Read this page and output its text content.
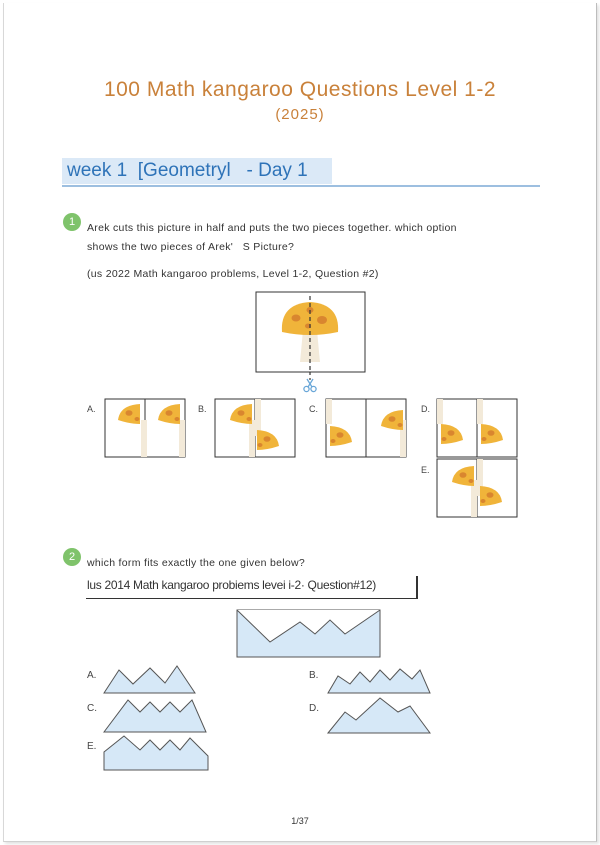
100 Math kangaroo Questions Level 1-2
(2025)
week 1  [Geometryl   - Day 1
1	Arek cuts this picture in half and puts the two pieces together. which option
shows the two pieces of Arek'   S Picture?
(us 2022 Math kangaroo problems, Level 1-2, Question #2)
A.	B.	C.	D.
E.
2	which form fits exactly the one given below?
lus 2014 Math kangaroo probiems levei i-2· Question#12)
A.	B.
C.	D.
E.
1/37
